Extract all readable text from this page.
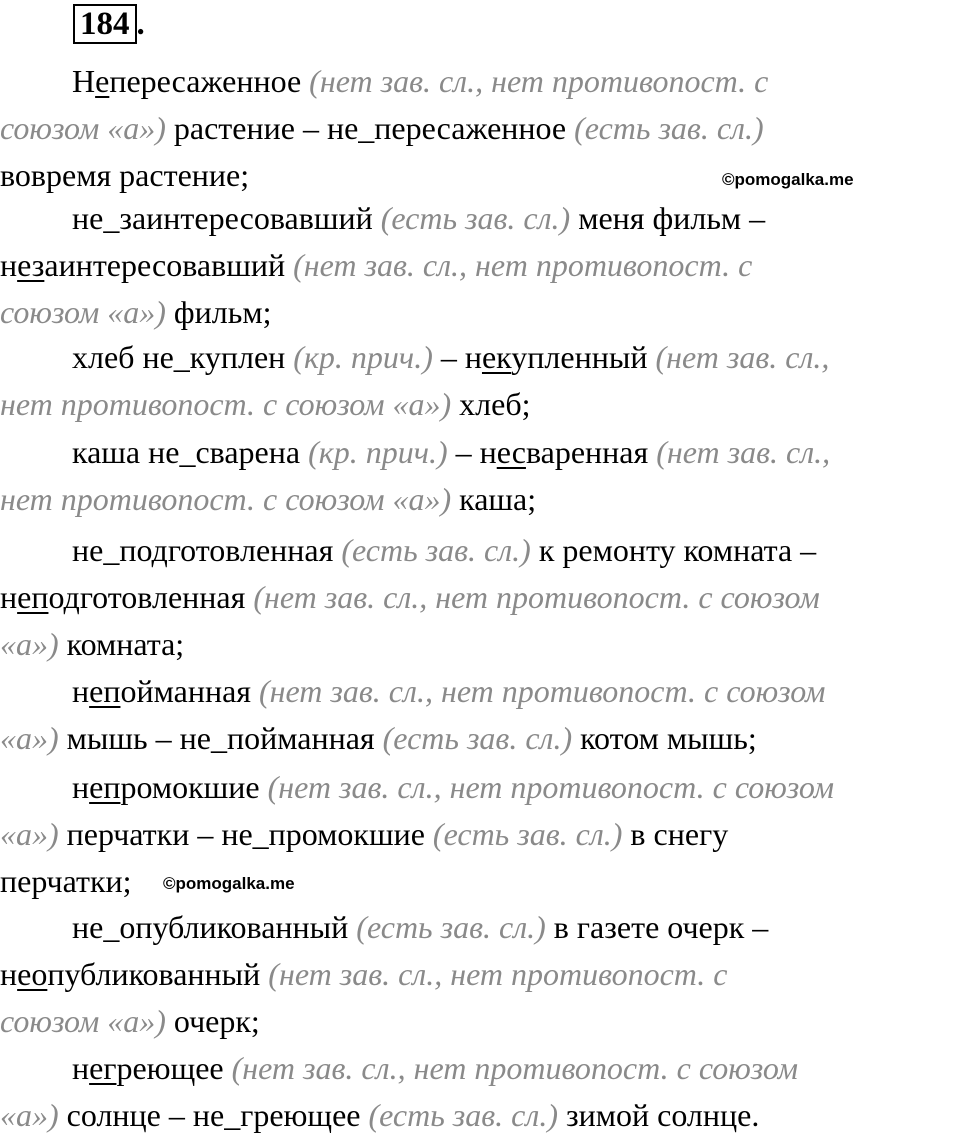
184 .
©pomogalka.me
©pomogalka.me
Непересаженное (нет зав. сл., нет противопост. с
союзом «а») растение – не_пересаженное (есть зав. сл.)
вовремя растение;
не_заинтересовавший (есть зав. сл.) меня фильм –
незаинтересовавший (нет зав. сл., нет противопост. с
союзом «а») фильм;
хлеб не_куплен (кр. прич.) – некупленный (нет зав. сл.,
нет противопост. с союзом «а») хлеб;
каша не_сварена (кр. прич.) – несваренная (нет зав. сл.,
нет противопост. с союзом «а») каша;
не_подготовленная (есть зав. сл.) к ремонту комната –
неподготовленная (нет зав. сл., нет противопост. с союзом
«а») комната;
непойманная (нет зав. сл., нет противопост. с союзом
«а») мышь – не_пойманная (есть зав. сл.) котом мышь;
непромокшие (нет зав. сл., нет противопост. с союзом
«а») перчатки – не_промокшие (есть зав. сл.) в снегу
перчатки;
не_опубликованный (есть зав. сл.) в газете очерк –
неопубликованный (нет зав. сл., нет противопост. с
союзом «а») очерк;
негреющее (нет зав. сл., нет противопост. с союзом
«а») солнце – не_греющее (есть зав. сл.) зимой солнце.
